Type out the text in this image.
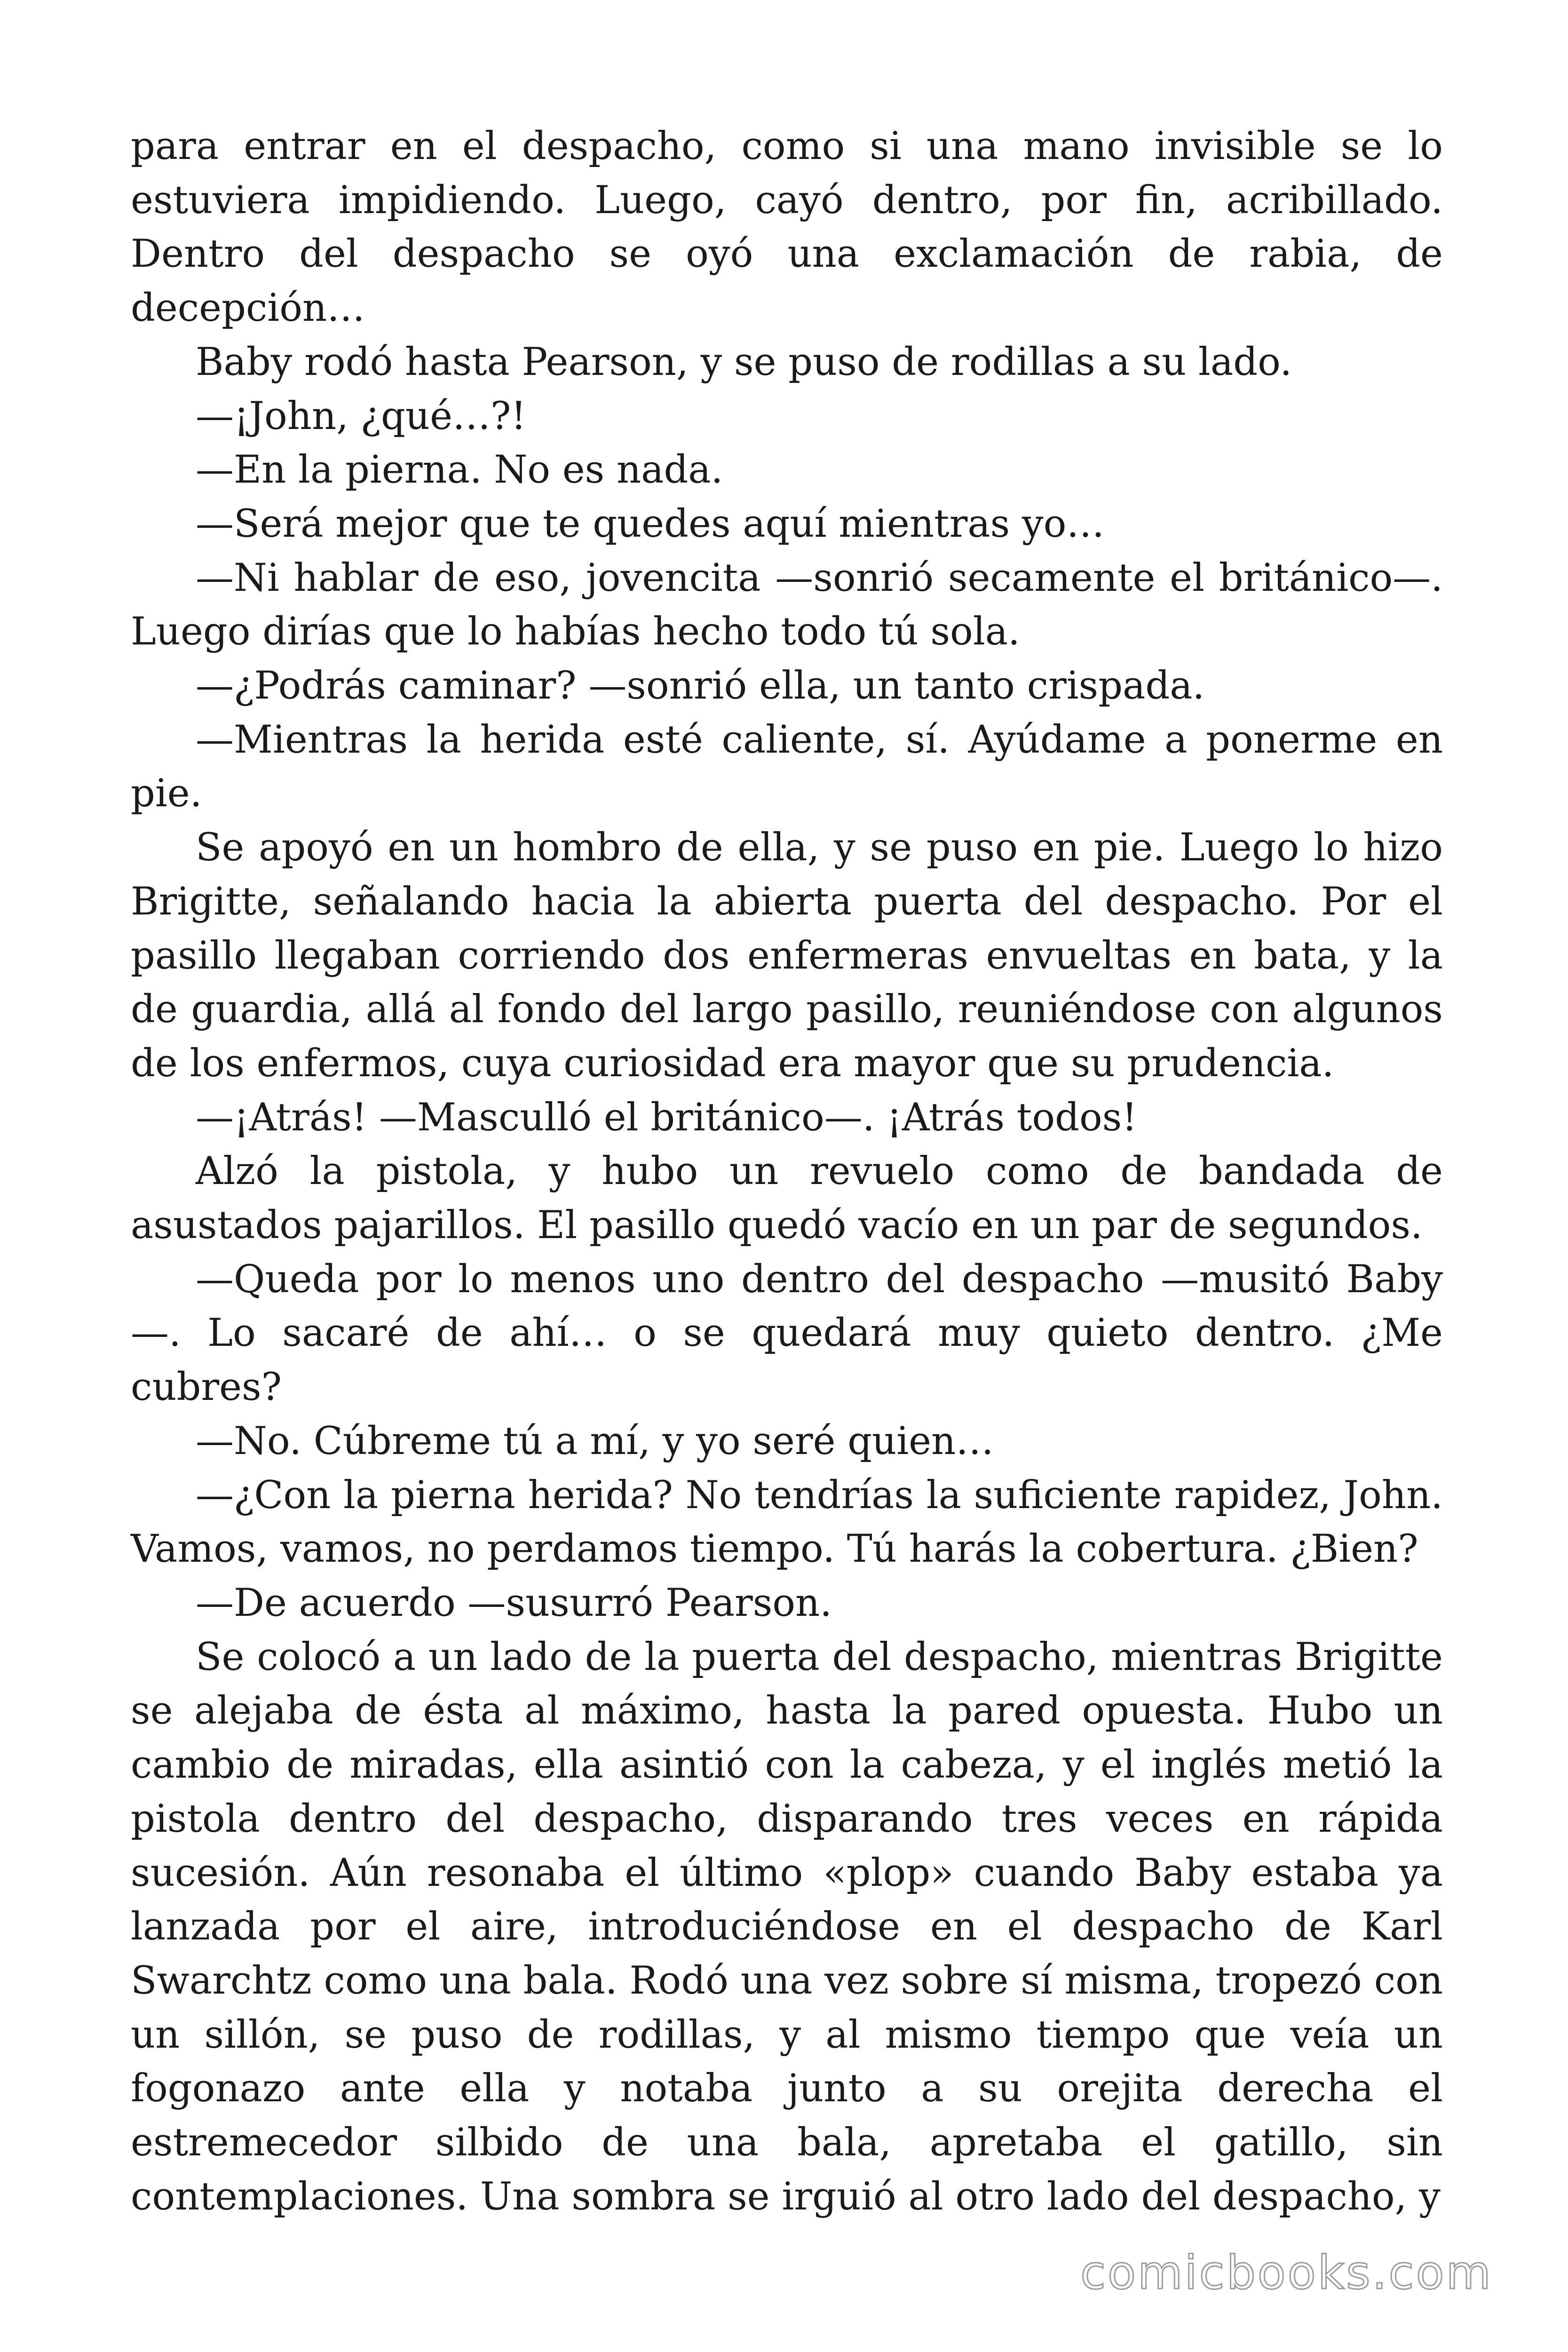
para entrar en el despacho, como si una mano invisible se lo estuviera impidiendo. Luego, cayó dentro, por fin, acribillado. Dentro del despacho se oyó una exclamación de rabia, de decepción…

Baby rodó hasta Pearson, y se puso de rodillas a su lado.

—¡John, ¿qué…?!

—En la pierna. No es nada.

—Será mejor que te quedes aquí mientras yo…

—Ni hablar de eso, jovencita —sonrió secamente el británico—. Luego dirías que lo habías hecho todo tú sola.

—¿Podrás caminar? —sonrió ella, un tanto crispada.

—Mientras la herida esté caliente, sí. Ayúdame a ponerme en pie.

Se apoyó en un hombro de ella, y se puso en pie. Luego lo hizo Brigitte, señalando hacia la abierta puerta del despacho. Por el pasillo llegaban corriendo dos enfermeras envueltas en bata, y la de guardia, allá al fondo del largo pasillo, reuniéndose con algunos de los enfermos, cuya curiosidad era mayor que su prudencia.

—¡Atrás! —Masculló el británico—. ¡Atrás todos!

Alzó la pistola, y hubo un revuelo como de bandada de asustados pajarillos. El pasillo quedó vacío en un par de segundos.

—Queda por lo menos uno dentro del despacho —musitó Baby —. Lo sacaré de ahí… o se quedará muy quieto dentro. ¿Me cubres?

—No. Cúbreme tú a mí, y yo seré quien…

—¿Con la pierna herida? No tendrías la suficiente rapidez, John. Vamos, vamos, no perdamos tiempo. Tú harás la cobertura. ¿Bien?

—De acuerdo —susurró Pearson.

Se colocó a un lado de la puerta del despacho, mientras Brigitte se alejaba de ésta al máximo, hasta la pared opuesta. Hubo un cambio de miradas, ella asintió con la cabeza, y el inglés metió la pistola dentro del despacho, disparando tres veces en rápida sucesión. Aún resonaba el último «plop» cuando Baby estaba ya lanzada por el aire, introduciéndose en el despacho de Karl Swarchtz como una bala. Rodó una vez sobre sí misma, tropezó con un sillón, se puso de rodillas, y al mismo tiempo que veía un fogonazo ante ella y notaba junto a su orejita derecha el estremecedor silbido de una bala, apretaba el gatillo, sin contemplaciones. Una sombra se irguió al otro lado del despacho, y

comicbooks.com
